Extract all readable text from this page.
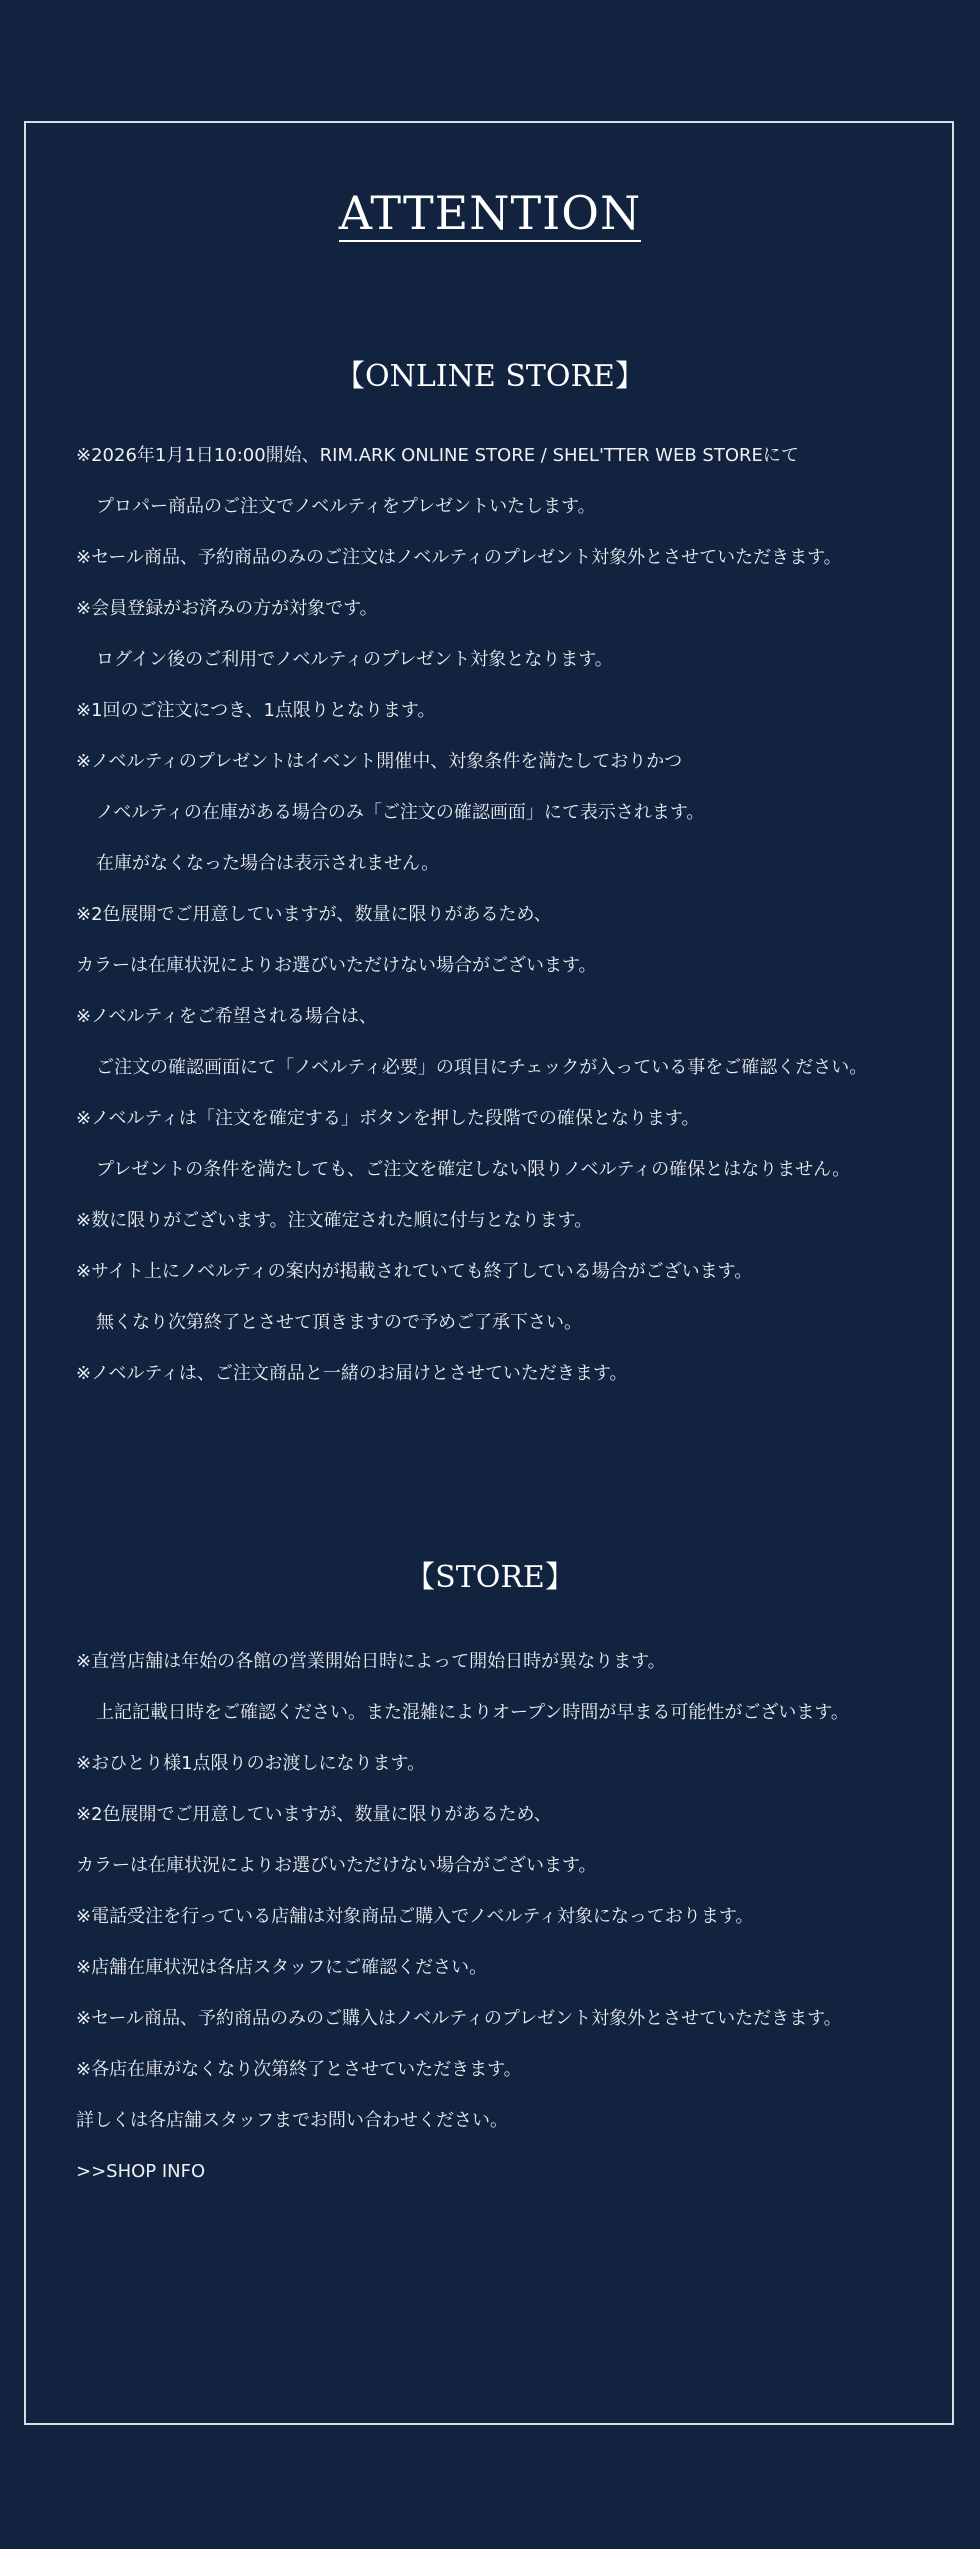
ATTENTION
【ONLINE STORE】
※2026年1月1日10:00開始、RIM.ARK ONLINE STORE / SHEL'TTER WEB STOREにて
プロパー商品のご注文でノベルティをプレゼントいたします。
※セール商品、予約商品のみのご注文はノベルティのプレゼント対象外とさせていただきます。
※会員登録がお済みの方が対象です。
ログイン後のご利用でノベルティのプレゼント対象となります。
※1回のご注文につき、1点限りとなります。
※ノベルティのプレゼントはイベント開催中、対象条件を満たしておりかつ
ノベルティの在庫がある場合のみ「ご注文の確認画面」にて表示されます。
在庫がなくなった場合は表示されません。
※2色展開でご用意していますが、数量に限りがあるため、
カラーは在庫状況によりお選びいただけない場合がございます。
※ノベルティをご希望される場合は、
ご注文の確認画面にて「ノベルティ必要」の項目にチェックが入っている事をご確認ください。
※ノベルティは「注文を確定する」ボタンを押した段階での確保となります。
プレゼントの条件を満たしても、ご注文を確定しない限りノベルティの確保とはなりません。
※数に限りがございます。注文確定された順に付与となります。
※サイト上にノベルティの案内が掲載されていても終了している場合がございます。
無くなり次第終了とさせて頂きますので予めご了承下さい。
※ノベルティは、ご注文商品と一緒のお届けとさせていただきます。
【STORE】
※直営店舗は年始の各館の営業開始日時によって開始日時が異なります。
上記記載日時をご確認ください。また混雑によりオープン時間が早まる可能性がございます。
※おひとり様1点限りのお渡しになります。
※2色展開でご用意していますが、数量に限りがあるため、
カラーは在庫状況によりお選びいただけない場合がございます。
※電話受注を行っている店舗は対象商品ご購入でノベルティ対象になっております。
※店舗在庫状況は各店スタッフにご確認ください。
※セール商品、予約商品のみのご購入はノベルティのプレゼント対象外とさせていただきます。
※各店在庫がなくなり次第終了とさせていただきます。
詳しくは各店舗スタッフまでお問い合わせください。
>>SHOP INFO
